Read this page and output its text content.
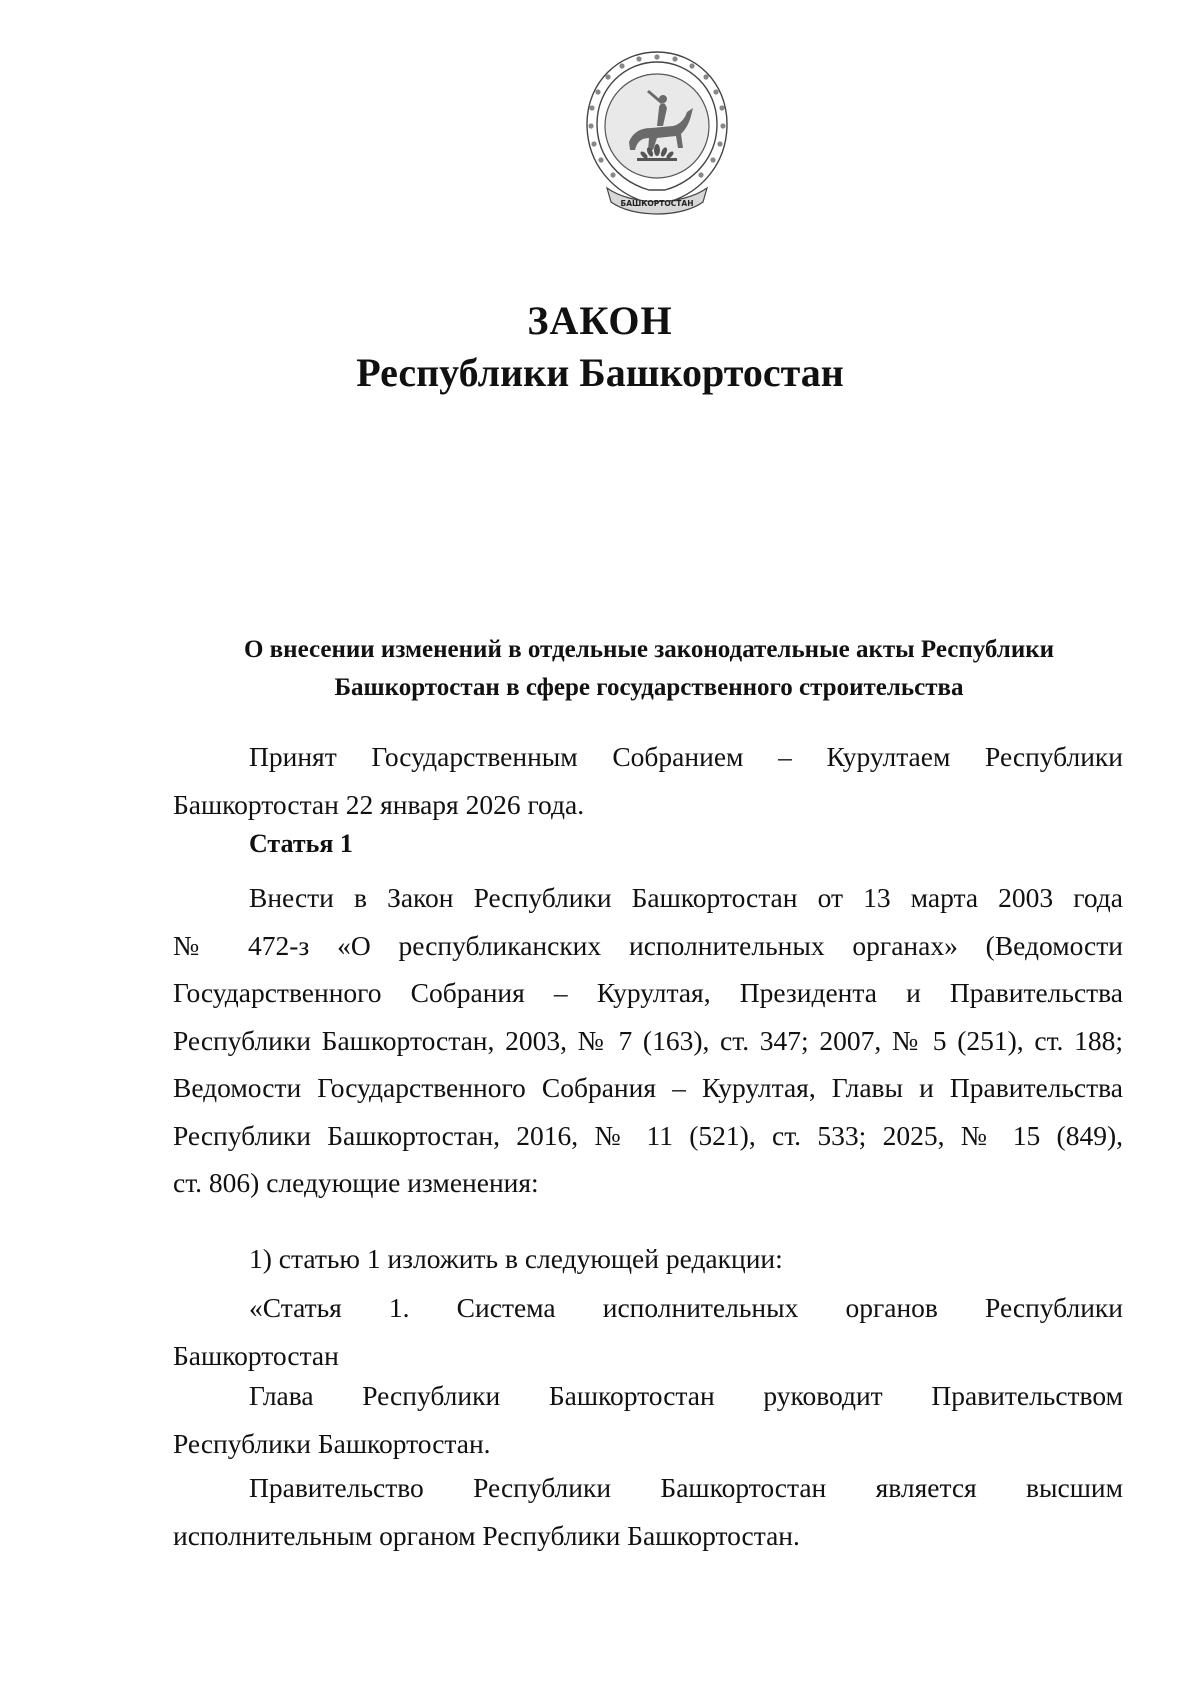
БАШКОРТОСТАН
ЗАКОН
Республики Башкортостан
О внесении изменений в отдельные законодательные акты Республики
Башкортостан в сфере государственного строительства
Принят Государственным Собранием – Курултаем Республики
Башкортостан 22 января 2026 года.
Статья 1
Внести в Закон Республики Башкортостан от 13 марта 2003 года
№ 472-з «О республиканских исполнительных органах» (Ведомости
Государственного Собрания – Курултая, Президента и Правительства
Республики Башкортостан, 2003, № 7 (163), ст. 347; 2007, № 5 (251), ст. 188;
Ведомости Государственного Собрания – Курултая, Главы и Правительства
Республики Башкортостан, 2016, № 11 (521), ст. 533; 2025, № 15 (849),
ст. 806) следующие изменения:
1) статью 1 изложить в следующей редакции:
«Статья 1. Система исполнительных органов Республики
Башкортостан
Глава Республики Башкортостан руководит Правительством
Республики Башкортостан.
Правительство Республики Башкортостан является высшим
исполнительным органом Республики Башкортостан.
